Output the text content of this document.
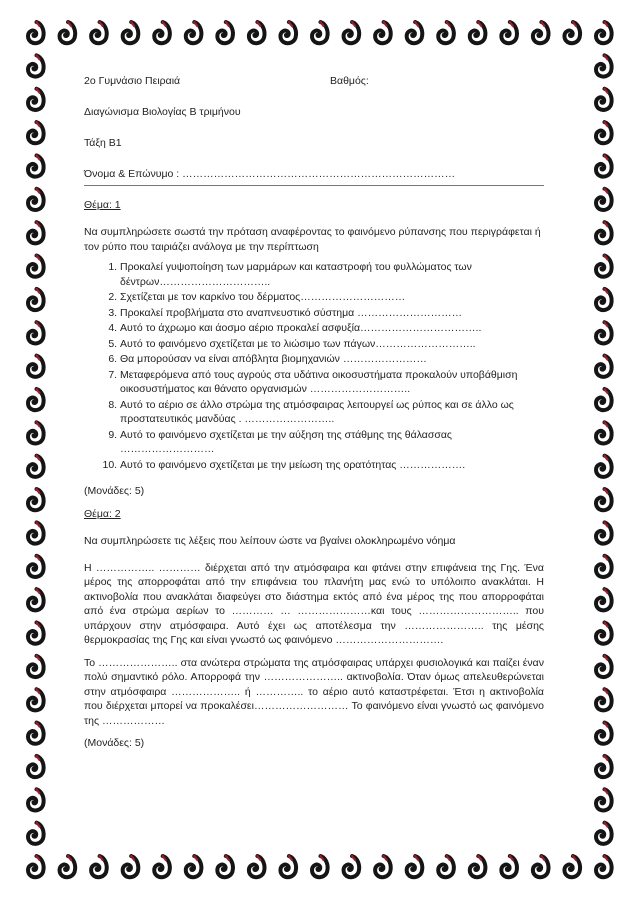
2ο Γυμνάσιο Πειραιά	Βαθμός:
Διαγώνισμα Βιολογίας Β τριμήνου
Τάξη Β1
Όνομα & Επώνυμο : ……………………………………………………………………
Θέμα: 1

Να συμπληρώσετε σωστά την πρόταση αναφέροντας το φαινόμενο ρύπανσης που περιγράφεται ή τον ρύπο που ταιριάζει ανάλογα με την περίπτωση

1. Προκαλεί γυψοποίηση των μαρμάρων και καταστροφή του φυλλώματος των δέντρων…………………………..
2. Σχετίζεται με τον καρκίνο του δέρματος…………………………
3. Προκαλεί προβλήματα στο αναπνευστικό σύστημα …………………………
4. Αυτό το άχρωμο και άοσμο αέριο προκαλεί ασφυξία……………………………..
5. Αυτό το φαινόμενο σχετίζεται με το λιώσιμο των πάγων………………………..
6. Θα μπορούσαν να είναι απόβλητα βιομηχανιών ……………………
7. Μεταφερόμενα από τους αγρούς στα υδάτινα οικοσυστήματα προκαλούν υποβάθμιση οικοσυστήματος και θάνατο οργανισμών ………………………..
8. Αυτό το αέριο σε άλλο στρώμα της ατμόσφαιρας λειτουργεί ως ρύπος και σε άλλο ως προστατευτικός μανδύας . ……………………..
9. Αυτό το φαινόμενο σχετίζεται με την αύξηση της στάθμης της θάλασσας ………………………
10. Αυτό το φαινόμενο σχετίζεται με την μείωση της ορατότητας ……………….
(Μονάδες: 5)
Θέμα: 2

Να συμπληρώσετε τις λέξεις που λείπουν ώστε να βγαίνει ολοκληρωμένο νόημα

Η …………….. ………… διέρχεται από την ατμόσφαιρα και φτάνει στην επιφάνεια της Γης. Ένα μέρος της απορροφάται από την επιφάνεια του πλανήτη μας ενώ το υπόλοιπο ανακλάται. Η ακτινοβολία που ανακλάται διαφεύγει στο διάστημα εκτός από ένα μέρος της που απορροφάται από ένα στρώμα αερίων το ………… … …………………και τους ……………………….. που υπάρχουν στην ατμόσφαιρα. Αυτό έχει ως αποτέλεσμα την ………………….. της μέσης θερμοκρασίας της Γης και είναι γνωστό ως φαινόμενο ………………………….

Το ………………….. στα ανώτερα στρώματα της ατμόσφαιρας υπάρχει φυσιολογικά και παίζει έναν πολύ σημαντικό ρόλο. Απορροφά την ………………….. ακτινοβολία. Όταν όμως απελευθερώνεται στην ατμόσφαιρα ……………….. ή ………….. το αέριο αυτό καταστρέφεται. Έτσι η ακτινοβολία που διέρχεται μπορεί να προκαλέσει……………………… Το φαινόμενο είναι γνωστό ως φαινόμενο της ………………

(Μονάδες: 5)
